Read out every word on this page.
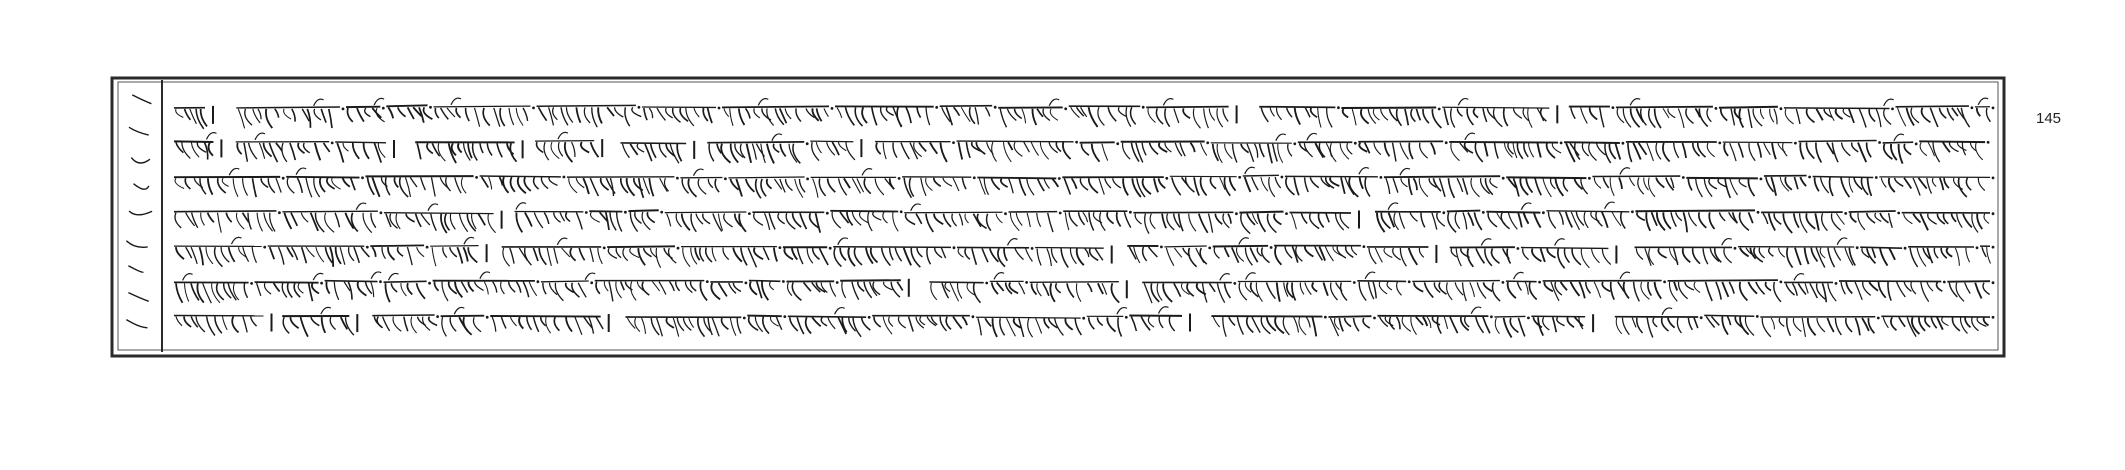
145
